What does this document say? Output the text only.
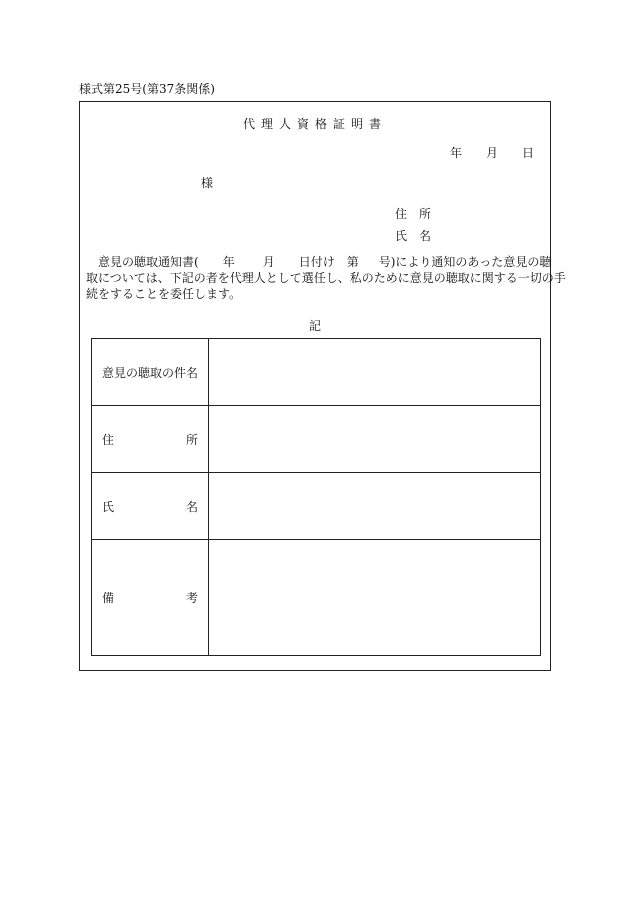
様式第25号(第37条関係)
代理人資格証明書
年 月 日
様
住 所
氏 名

意見の聴取通知書( 年 月 日付け 第 号)により通知のあった意見の聴
取については、下記の者を代理人として選任し、私のために意見の聴取に関する一切の手
続をすることを委任します。

記
意見の聴取の件名	

住 所	

氏 名	

備 考	
